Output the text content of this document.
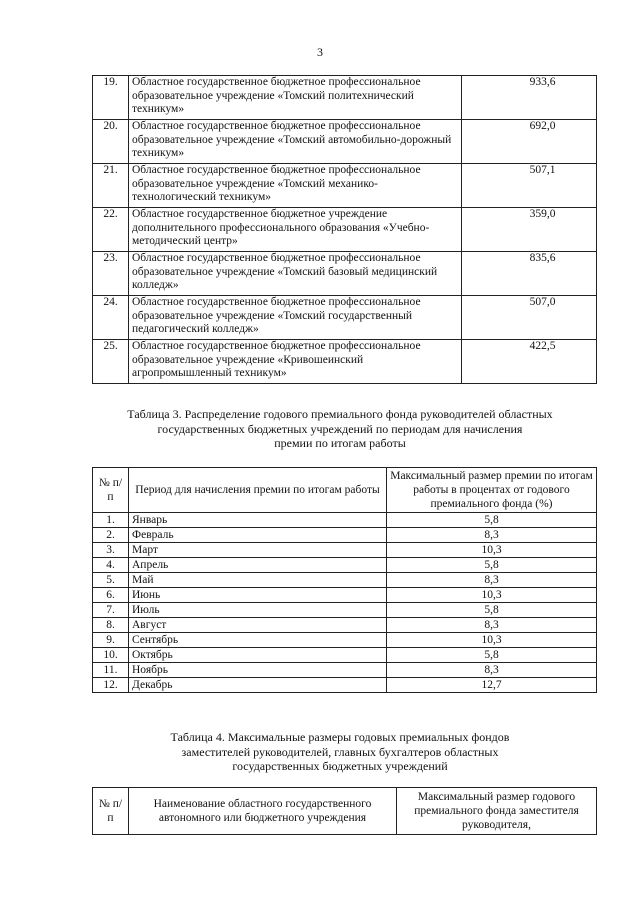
3
19.	Областное государственное бюджетное профессиональное образовательное учреждение «Томский политехнический техникум»	933,6
20.	Областное государственное бюджетное профессиональное образовательное учреждение «Томский автомобильно-дорожный техникум»	692,0
21.	Областное государственное бюджетное профессиональное образовательное учреждение «Томский механико-технологический техникум»	507,1
22.	Областное государственное бюджетное учреждение дополнительного профессионального образования «Учебно-методический центр»	359,0
23.	Областное государственное бюджетное профессиональное образовательное учреждение «Томский базовый медицинский колледж»	835,6
24.	Областное государственное бюджетное профессиональное образовательное учреждение «Томский государственный педагогический колледж»	507,0
25.	Областное государственное бюджетное профессиональное образовательное учреждение «Кривошеинский агропромышленный техникум»	422,5
Таблица 3. Распределение годового премиального фонда руководителей областных
государственных бюджетных учреждений по периодам для начисления
премии по итогам работы
№ п/п	Период для начисления премии по итогам работы	Максимальный размер премии по итогам работы в процентах от годового премиального фонда (%)
1.	Январь	5,8
2.	Февраль	8,3
3.	Март	10,3
4.	Апрель	5,8
5.	Май	8,3
6.	Июнь	10,3
7.	Июль	5,8
8.	Август	8,3
9.	Сентябрь	10,3
10.	Октябрь	5,8
11.	Ноябрь	8,3
12.	Декабрь	12,7
Таблица 4. Максимальные размеры годовых премиальных фондов
заместителей руководителей, главных бухгалтеров областных
государственных бюджетных учреждений
№ п/п	Наименование областного государственного автономного или бюджетного учреждения	Максимальный размер годового премиального фонда заместителя руководителя,
